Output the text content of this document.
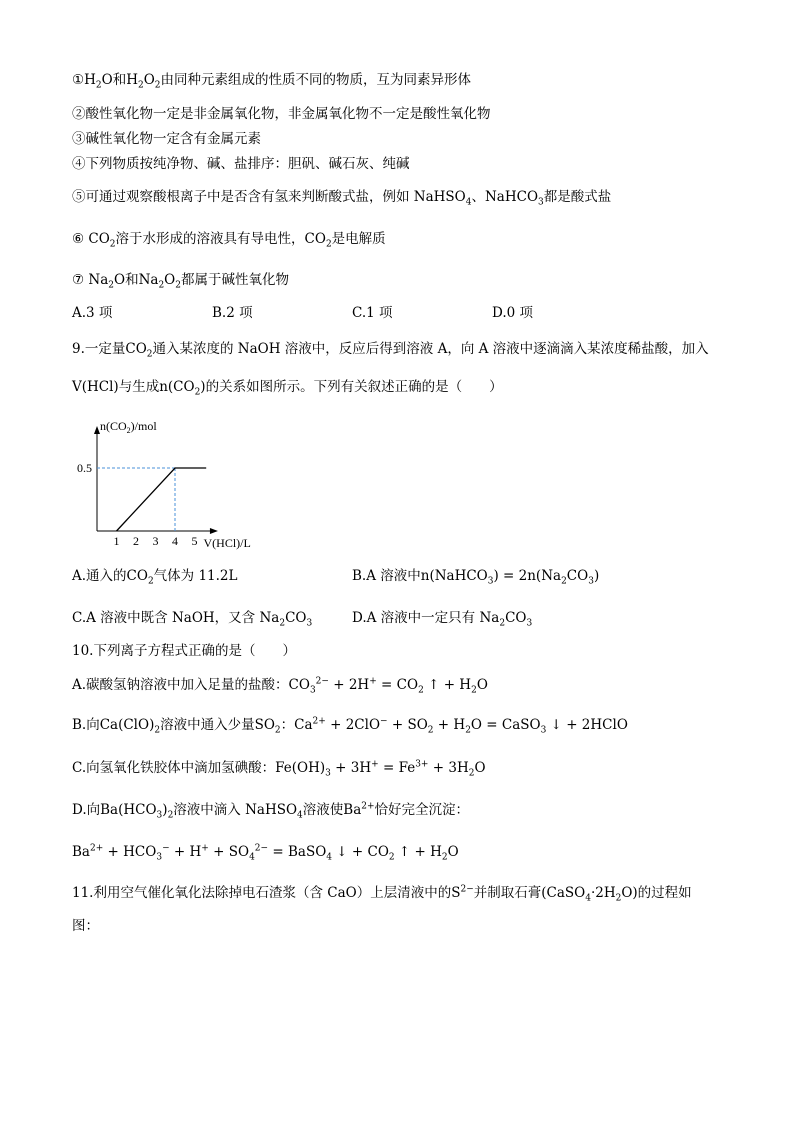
$①H_2O$和$H_2O_2$由同种元素组成的性质不同的物质，互为同素异形体
②酸性氧化物一定是非金属氧化物，非金属氧化物不一定是酸性氧化物
③碱性氧化物一定含有金属元素
④下列物质按纯净物、碱、盐排序：胆矾、碱石灰、纯碱
⑤可通过观察酸根离子中是否含有氢来判断酸式盐，例如 NaHSO$_4$、NaHCO$_3$都是酸式盐
⑥ $CO_2$溶于水形成的溶液具有导电性，$CO_2$是电解质
⑦ $Na_2O$和$Na_2O_2$都属于碱性氧化物
A.3 项	B.2 项	C.1 项	D.0 项
9.一定量$CO_2$通入某浓度的 NaOH 溶液中，反应后得到溶液 A，向 A 溶液中逐滴滴入某浓度稀盐酸，加入
V(HCl)与生成$n(CO_2)$的关系如图所示。下列有关叙述正确的是（　　）
1 2 3 4 5
0.5
$n(CO_2)$/mol
V(HCl)/L
A.通入的$CO_2$气体为 11.2L	B.A 溶液中n(NaHCO$_3$) = $2n(Na_2CO_3)$
C.A 溶液中既含 NaOH，又含 $Na_2CO_3$	D.A 溶液中一定只有 $Na_2CO_3$
10.下列离子方程式正确的是（　　）
A.碳酸氢钠溶液中加入足量的盐酸：$CO_3^{2-} + 2H^+ = CO_2$ ↑ + $H_2O$
B.向$Ca(ClO)_2$溶液中通入少量$SO_2$：$Ca^{2+} + 2ClO^- + SO_2 + H_2O$ = CaSO$_3$ ↓ + 2HClO
C.向氢氧化铁胶体中滴加氢碘酸：$Fe(OH)_3 + 3H^+ = Fe^{3+} + 3H_2O$
D.向$Ba(HCO_3)_2$溶液中滴入 NaHSO$_4$溶液使$Ba^{2+}$恰好完全沉淀：
$Ba^{2+} + HCO_3^- + H^+ + SO_4^{2-}$ = BaSO$_4$ ↓ + $CO_2$ ↑ + $H_2O$
11.利用空气催化氧化法除掉电石渣浆（含 CaO）上层清液中的$S^{2-}$并制取石膏$(CaSO_4\cdot 2H_2O)$的过程如
图：
